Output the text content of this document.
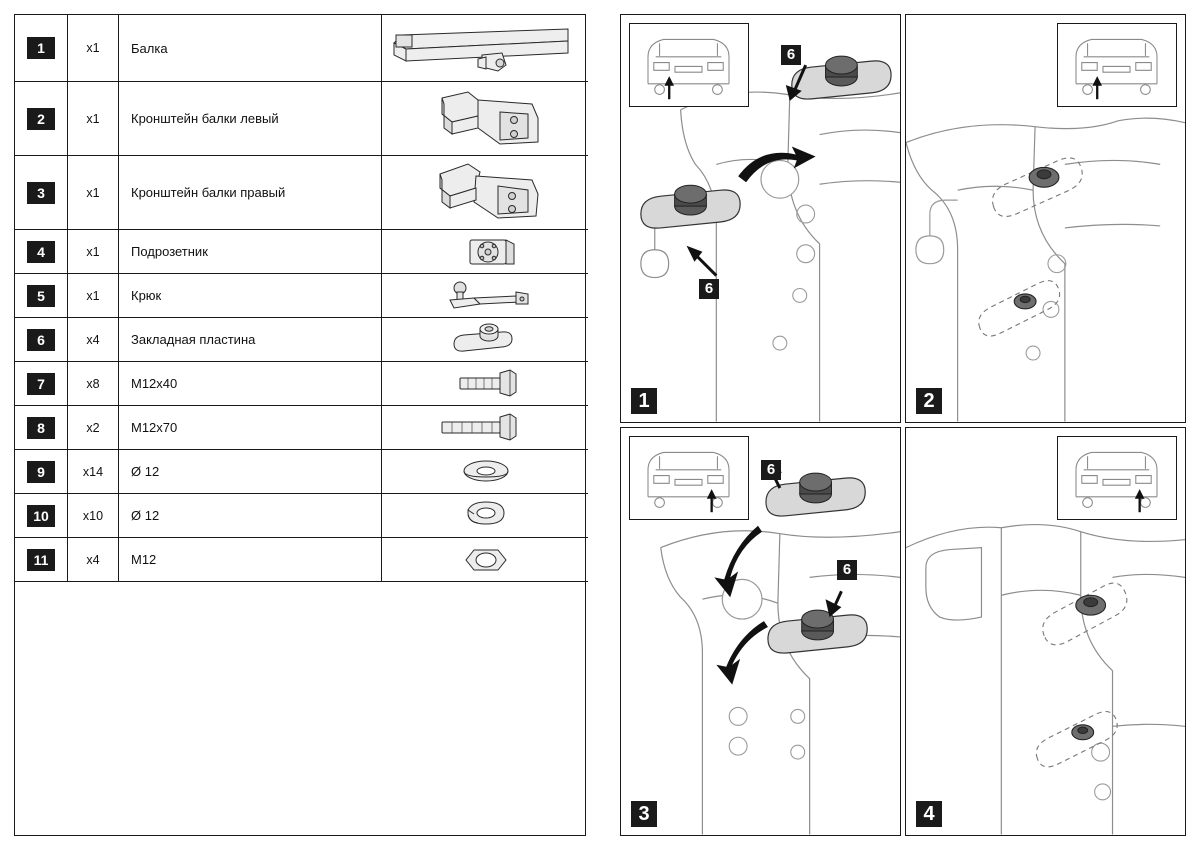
1	x1	Балка

2	x1	Кронштейн балки левый

3	x1	Кронштейн балки правый

4	x1	Подрозетник

5	x1	Крюк

6	x4	Закладная пластина

7	x8	M12x40

8	x2	M12x70

9	x14	Ø 12

10	x10	Ø 12

11	x4	M12

6
6
1	2
6
6
3	4
